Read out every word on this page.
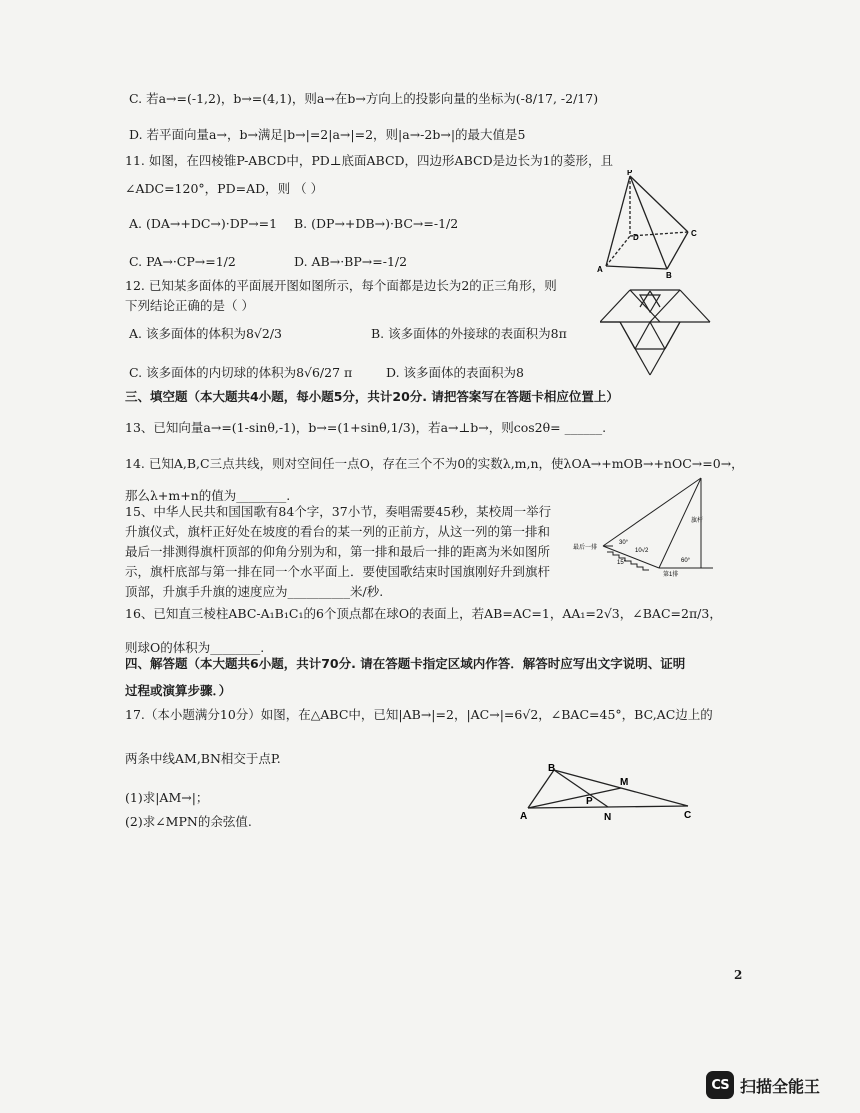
C. 若a→=(-1,2)，b→=(4,1)，则a→在b→方向上的投影向量的坐标为(-8/17, -2/17)
D. 若平面向量a→，b→满足|b→|=2|a→|=2，则|a→-2b→|的最大值是5
11. 如图，在四棱锥P-ABCD中，PD⊥底面ABCD，四边形ABCD是边长为1的菱形，且
∠ADC=120°，PD=AD，则 （ ）
A. (DA→+DC→)·DP→=1 B. (DP→+DB→)·BC→=-1/2
C. PA→·CP→=1/2	D. AB→·BP→=-1/2
12. 已知某多面体的平面展开图如图所示，每个面都是边长为2的正三角形，则
下列结论正确的是（ ）
A. 该多面体的体积为8√2/3	B. 该多面体的外接球的表面积为8π
C. 该多面体的内切球的体积为8√6/27 π	D. 该多面体的表面积为8
三、填空题（本大题共4小题，每小题5分，共计20分. 请把答案写在答题卡相应位置上）
13、已知向量a→=(1-sinθ,-1)，b→=(1+sinθ,1/3)，若a→⊥b→，则cos2θ= ______.
14. 已知A,B,C三点共线，则对空间任一点O，存在三个不为0的实数λ,m,n，使λOA→+mOB→+nOC→=0→，
那么λ+m+n的值为________.
15、中华人民共和国国歌有84个字，37小节，奏唱需要45秒，某校周一举行
升旗仪式，旗杆正好处在坡度的看台的某一列的正前方，从这一列的第一排和
最后一排测得旗杆顶部的仰角分别为和，第一排和最后一排的距离为米如图所
示，旗杆底部与第一排在同一个水平面上．要使国歌结束时国旗刚好升到旗杆
顶部，升旗手升旗的速度应为__________米/秒.
16、已知直三棱柱ABC-A₁B₁C₁的6个顶点都在球O的表面上，若AB=AC=1，AA₁=2√3，∠BAC=2π/3，
则球O的体积为________.
四、解答题（本大题共6小题，共计70分. 请在答题卡指定区域内作答．解答时应写出文字说明、证明
过程或演算步骤．）
17.（本小题满分10分）如图，在△ABC中，已知|AB→|=2，|AC→|=6√2，∠BAC=45°，BC,AC边上的
两条中线AM,BN相交于点P.
(1)求|AM→|；
(2)求∠MPN的余弦值.
P
D	C
A
B
最后一排
旗杆
30°
10√2
60°
15°
第1排
B
M
P
A	N	C
2
CS 扫描全能王
